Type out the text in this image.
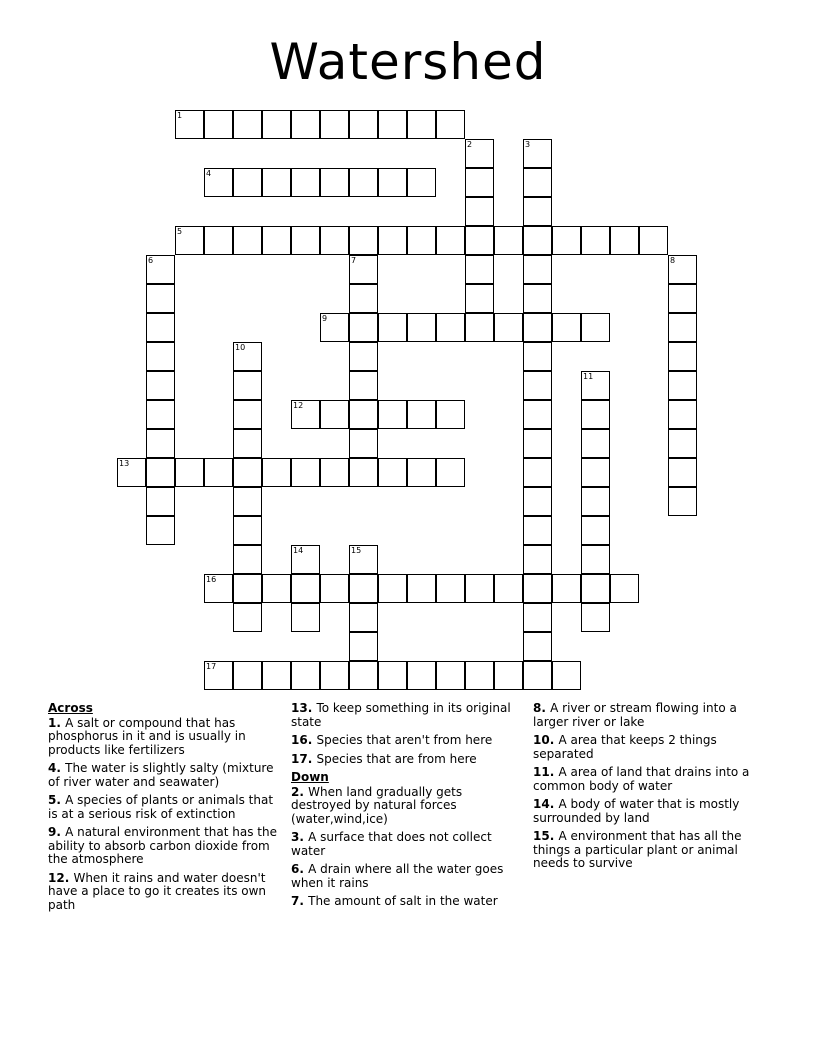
Watershed
1
4
5
9
12
13
16
17
2	3
6	7	8
10
11
14	15
Across
1. A salt or compound that has phosphorus in it and is usually in products like fertilizers
4. The water is slightly salty (mixture of river water and seawater)
5. A species of plants or animals that is at a serious risk of extinction
9. A natural environment that has the ability to absorb carbon dioxide from the atmosphere
12. When it rains and water doesn't have a place to go it creates its own path
13. To keep something in its original state
16. Species that aren't from here
17. Species that are from here
Down
2. When land gradually gets destroyed by natural forces (water,wind,ice)
3. A surface that does not collect water
6. A drain where all the water goes when it rains
7. The amount of salt in the water
8. A river or stream flowing into a larger river or lake
10. A area that keeps 2 things separated
11. A area of land that drains into a common body of water
14. A body of water that is mostly surrounded by land
15. A environment that has all the things a particular plant or animal needs to survive
